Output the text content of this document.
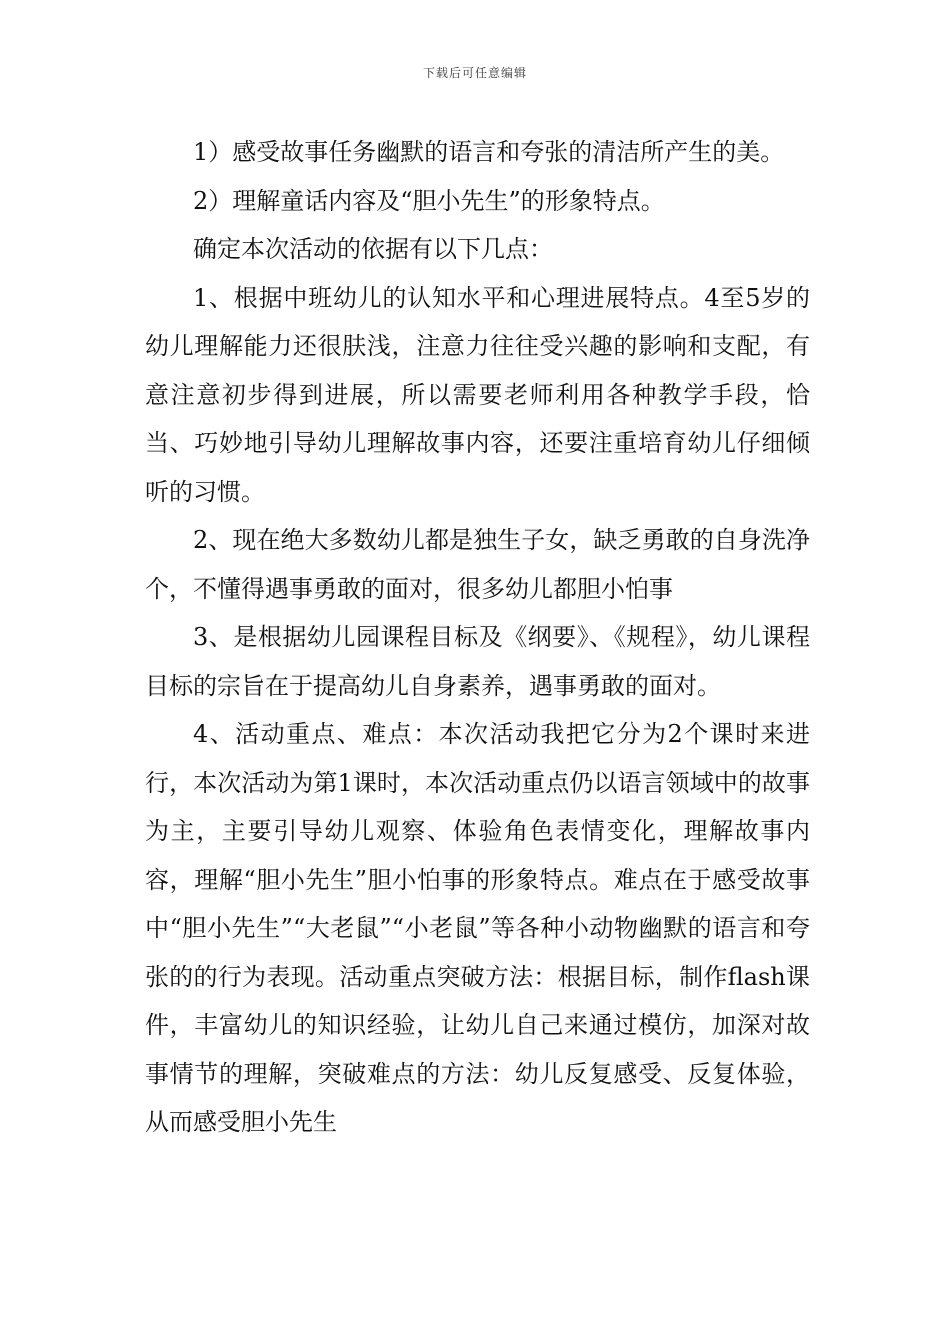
下载后可任意编辑

1）感受故事任务幽默的语言和夸张的清洁所产生的美。

2）理解童话内容及“胆小先生”的形象特点。

确定本次活动的依据有以下几点：

1、根据中班幼儿的认知水平和心理进展特点。4至5岁的幼儿理解能力还很肤浅，注意力往往受兴趣的影响和支配，有意注意初步得到进展，所以需要老师利用各种教学手段，恰当、巧妙地引导幼儿理解故事内容，还要注重培育幼儿仔细倾听的习惯。

2、现在绝大多数幼儿都是独生子女，缺乏勇敢的自身洗净个，不懂得遇事勇敢的面对，很多幼儿都胆小怕事

3、是根据幼儿园课程目标及《纲要》、《规程》，幼儿课程目标的宗旨在于提高幼儿自身素养，遇事勇敢的面对。

4、活动重点、难点：本次活动我把它分为2个课时来进行，本次活动为第1课时，本次活动重点仍以语言领域中的故事为主，主要引导幼儿观察、体验角色表情变化，理解故事内容，理解“胆小先生”胆小怕事的形象特点。难点在于感受故事中“胆小先生”“大老鼠”“小老鼠”等各种小动物幽默的语言和夸张的的行为表现。活动重点突破方法：根据目标，制作flash课件，丰富幼儿的知识经验，让幼儿自己来通过模仿，加深对故事情节的理解，突破难点的方法：幼儿反复感受、反复体验，从而感受胆小先生
